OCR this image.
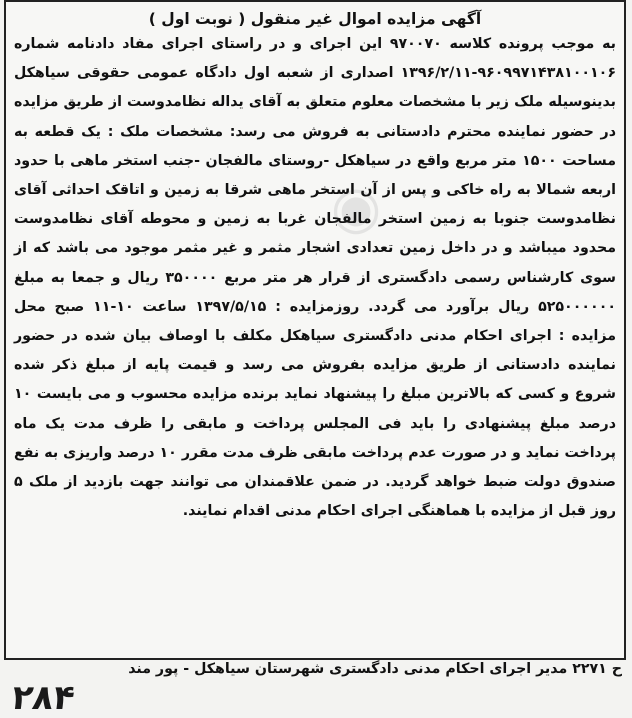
آگهی مزایده اموال غیر منقول ( نوبت اول )

به موجب پرونده کلاسه ۹۷۰۰۷۰ این اجرای و در راستای اجرای مفاد دادنامه شماره ۹۶۰۹۹۷۱۴۳۸۱۰۰۱۰۶-۱۳۹۶/۲/۱۱ اصداری از شعبه اول دادگاه عمومی حقوقی سیاهکل بدینوسیله ملک زیر با مشخصات معلوم متعلق به آقای یداله نظامدوست از طریق مزایده در حضور نماینده محترم دادستانی به فروش می رسد: مشخصات ملک : یک قطعه به مساحت ۱۵۰۰ متر مربع واقع در سیاهکل -روستای مالفجان -جنب استخر ماهی با حدود اربعه شمالا به راه خاکی و پس از آن استخر ماهی شرقا به زمین و اتاقک احداثی آقای نظامدوست جنوبا به زمین استخر مالفجان غربا به زمین و محوطه آقای نظامدوست محدود میباشد و در داخل زمین تعدادی اشجار مثمر و غیر مثمر موجود می باشد که از سوی کارشناس رسمی دادگستری از قرار هر متر مربع ۳۵۰۰۰۰ ریال و جمعا به مبلغ ۵۲۵۰۰۰۰۰۰ ریال برآورد می گردد. روزمزایده : ۱۳۹۷/۵/۱۵ ساعت ۱۰-۱۱ صبح محل مزایده : اجرای احکام مدنی دادگستری سیاهکل مکلف با اوصاف بیان شده در حضور نماینده دادستانی از طریق مزایده بفروش می رسد و قیمت پایه از مبلغ ذکر شده شروع و کسی که بالاترین مبلغ را پیشنهاد نماید برنده مزایده محسوب و می بایست ۱۰ درصد مبلغ پیشنهادی را باید فی المجلس پرداخت و مابقی را ظرف مدت یک ماه پرداخت نماید و در صورت عدم پرداخت مابقی ظرف مدت مقرر ۱۰ درصد واریزی به نفع صندوق دولت ضبط خواهد گردید. در ضمن علاقمندان می توانند جهت بازدید از ملک ۵ روز قبل از مزایده با هماهنگی اجرای احکام مدنی اقدام نمایند.

◉
ح ۲۲۷۱ مدیر اجرای احکام مدنی دادگستری شهرستان سیاهکل - پور مند
۲۸۴
